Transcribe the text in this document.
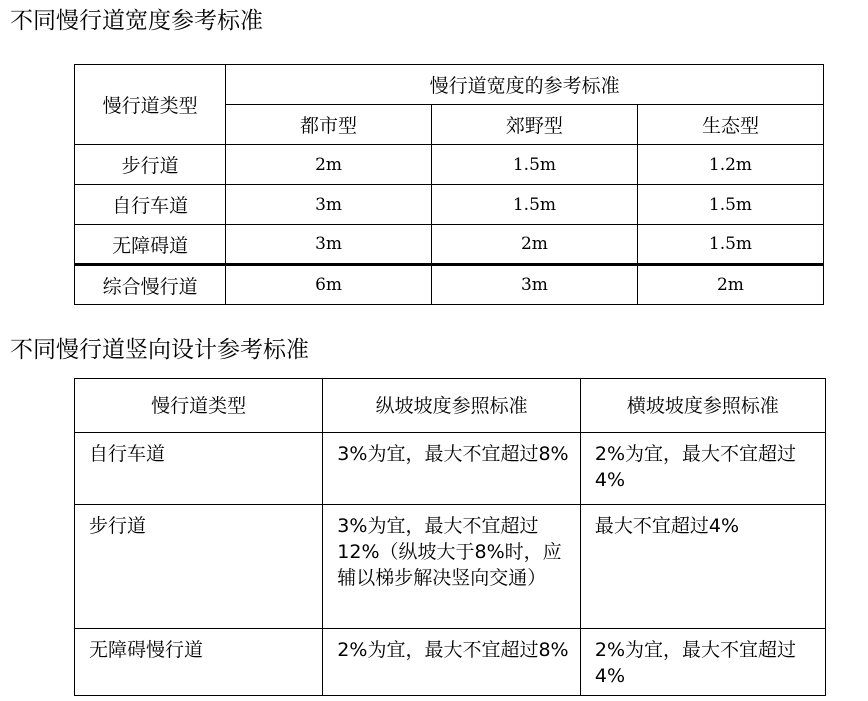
不同慢行道宽度参考标准
慢行道类型	慢行道宽度的参考标准		
	都市型	郊野型	生态型
步行道	2m	1.5m	1.2m
自行车道	3m	1.5m	1.5m
无障碍道	3m	2m	1.5m
综合慢行道	6m	3m	2m
不同慢行道竖向设计参考标准
慢行道类型	纵坡坡度参照标准	横坡坡度参照标准
自行车道	3%为宜，最大不宜超过8%	2%为宜，最大不宜超过4%
步行道	3%为宜，最大不宜超过12%（纵坡大于8%时，应辅以梯步解决竖向交通）	最大不宜超过4%
无障碍慢行道	2%为宜，最大不宜超过8%	2%为宜，最大不宜超过4%
